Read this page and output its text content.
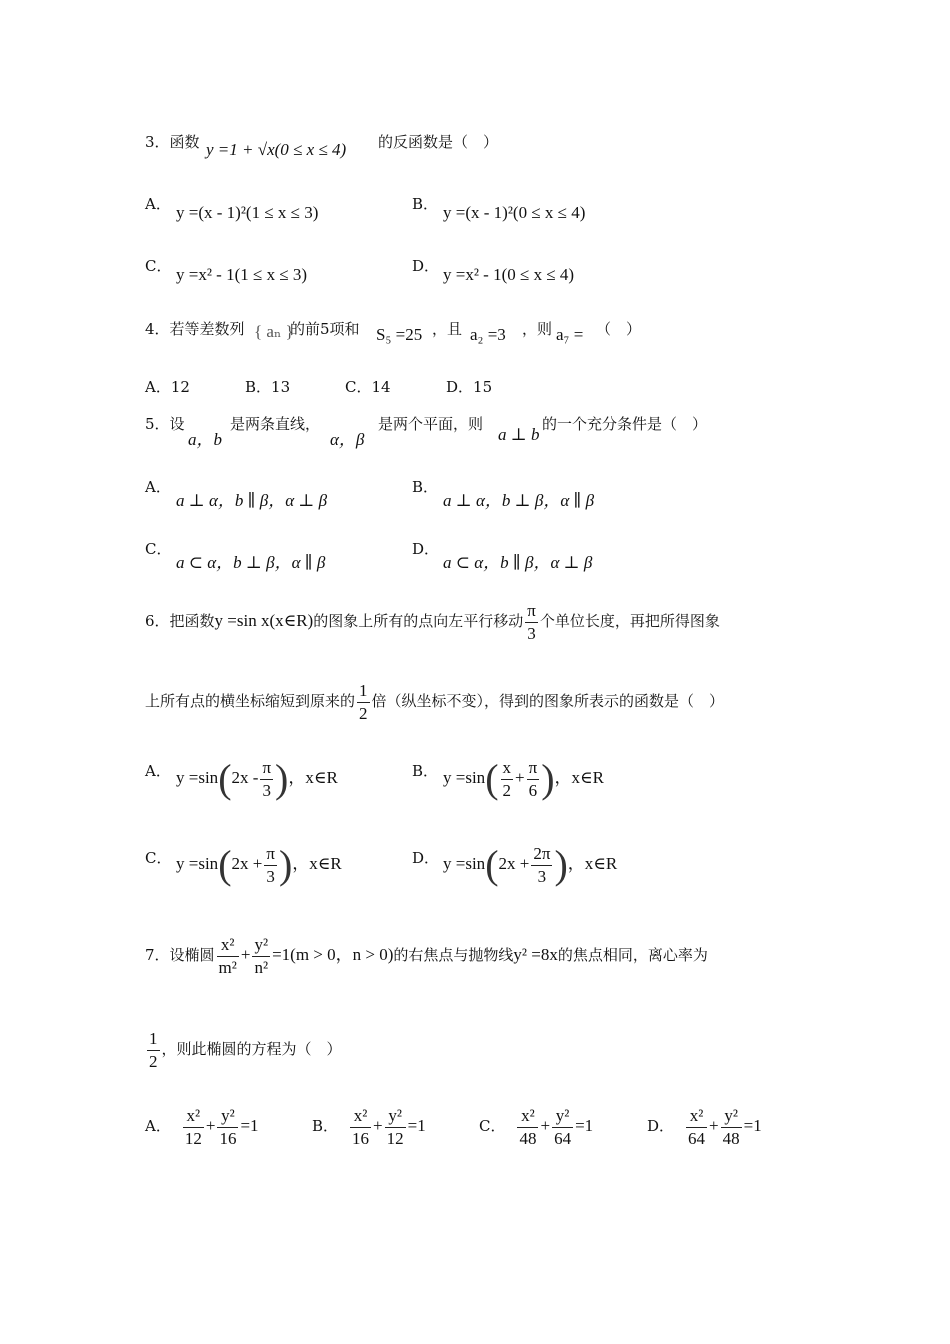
3．函数 y =1 + √x(0 ≤ x ≤ 4) 的反函数是（　）
A． y =(x - 1)²(1 ≤ x ≤ 3)	B． y =(x - 1)²(0 ≤ x ≤ 4)
C． y =x² - 1(1 ≤ x ≤ 3)	D． y =x² - 1(0 ≤ x ≤ 4)
4．若等差数列 { aₙ }
的前5项和 S₅ =25 ，且 a₂ =3 ，则 a₇ = （　）
A．12	B．13	C．14	D．15
5．设
a，b
是两条直线，
α，β
是两个平面，则
a ⊥ b
的一个充分条件是（　）
A．
a ⊥ α，b ∥ β，α ⊥ β
B．
a ⊥ α，b ⊥ β，α ∥ β
C．
a ⊂ α，b ⊥ β，α ∥ β
D．
a ⊂ α，b ∥ β，α ⊥ β
6．把函数y =sin x(x∈R)的图象上所有的点向左平行移动 $\frac{\pi}{3}$ 个单位长度，再把所得图象
上所有点的横坐标缩短到原来的 $\frac{1}{2}$ 倍（纵坐标不变），得到的图象所表示的函数是（　）
A． $y =\sin(2x - \frac{\pi}{3}$ )，x∈R	B． $y =\sin( \frac{x}{2} + \frac{\pi}{6}$ )，x∈R
C． $y =\sin(2x + \frac{\pi}{3}$ )，x∈R	D． $y =\sin(2x + \frac{2\pi}{3}$ )，x∈R
7．设椭圆 $\frac{\text{x²}}{\text{m²}} + \frac{\text{y²}}{\text{n²}} =1(m > 0$，n > 0)的右焦点与抛物线y² =8x的焦点相同，离心率为
$\frac{1}{2}$ ，则此椭圆的方程为（　）
A． $\frac{\text{x²}}{12} + \frac{\text{y²}}{16} =1$	B． $\frac{\text{x²}}{16} + \frac{\text{y²}}{12} =1$	C． $\frac{\text{x²}}{48} + \frac{\text{y²}}{64} =1$	D． $\frac{\text{x²}}{64} + \frac{\text{y²}}{48} =1$
